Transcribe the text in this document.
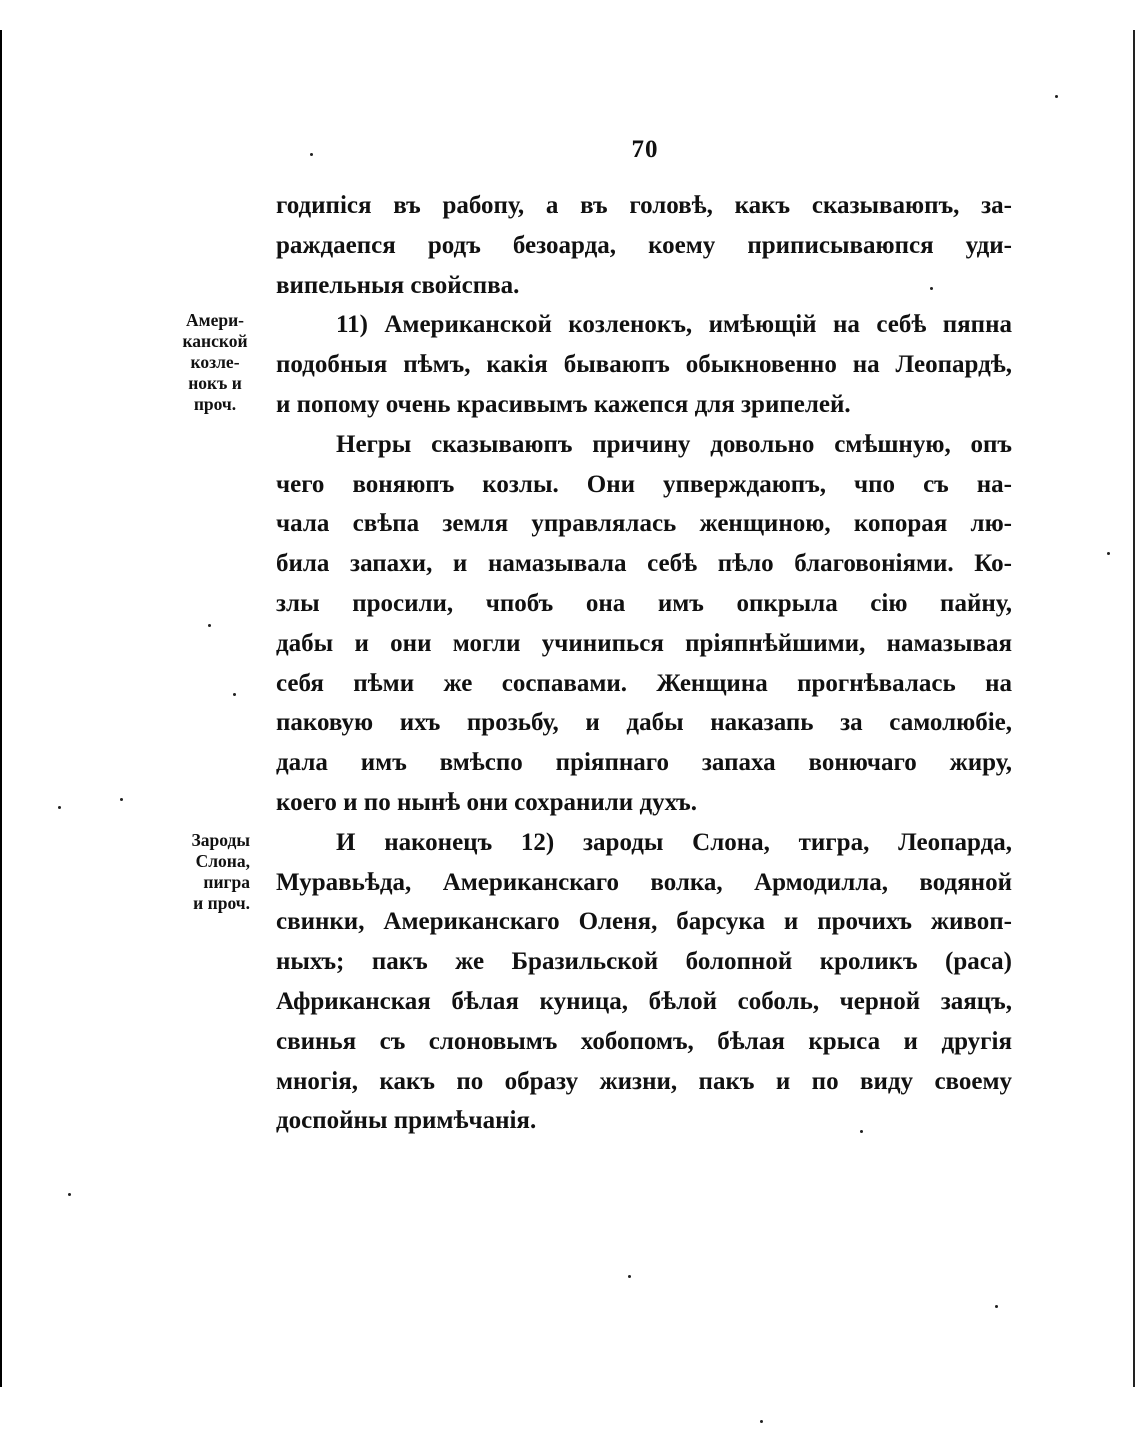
70
Амери-
канской
козле-
нокъ и
проч.
Зароды
Слона,
пигра
и проч.
годипіся въ рабопу, а въ головѣ, какъ сказываюпъ, за-
раждаепся родъ безоарда, коему приписываюпся уди-
випельныя свойспва.
11) Американской козленокъ, имѣющій на себѣ пяпна
подобныя пѣмъ, какія бываюпъ обыкновенно на Леопардѣ,
и попому очень красивымъ кажепся для зрипелей.
Негры сказываюпъ причину довольно смѣшную, опъ
чего воняюпъ козлы. Они упверждаюпъ, чпо съ на-
чала свѣпа земля управлялась женщиною, копорая лю-
била запахи, и намазывала себѣ пѣло благовоніями. Ко-
злы просили, чпобъ она имъ опкрыла сію пайну,
дабы и они могли учинипься пріяпнѣйшими, намазывая
себя пѣми же соспавами. Женщина прогнѣвалась на
паковую ихъ прозьбу, и дабы наказапь за самолюбіе,
дала имъ вмѣспо пріяпнаго запаха вонючаго жиру,
коего и по нынѣ они сохранили духъ.
И наконецъ 12) зароды Слона, тигра, Леопарда,
Муравьѣда, Американскаго волка, Армодилла, водяной
свинки, Американскаго Оленя, барсука и прочихъ живоп-
ныхъ; пакъ же Бразильской болопной кроликъ (раса)
Африканская бѣлая куница, бѣлой соболь, черной заяцъ,
свинья съ слоновымъ хобопомъ, бѣлая крыса и другія
многія, какъ по образу жизни, пакъ и по виду своему
доспойны примѣчанія.
